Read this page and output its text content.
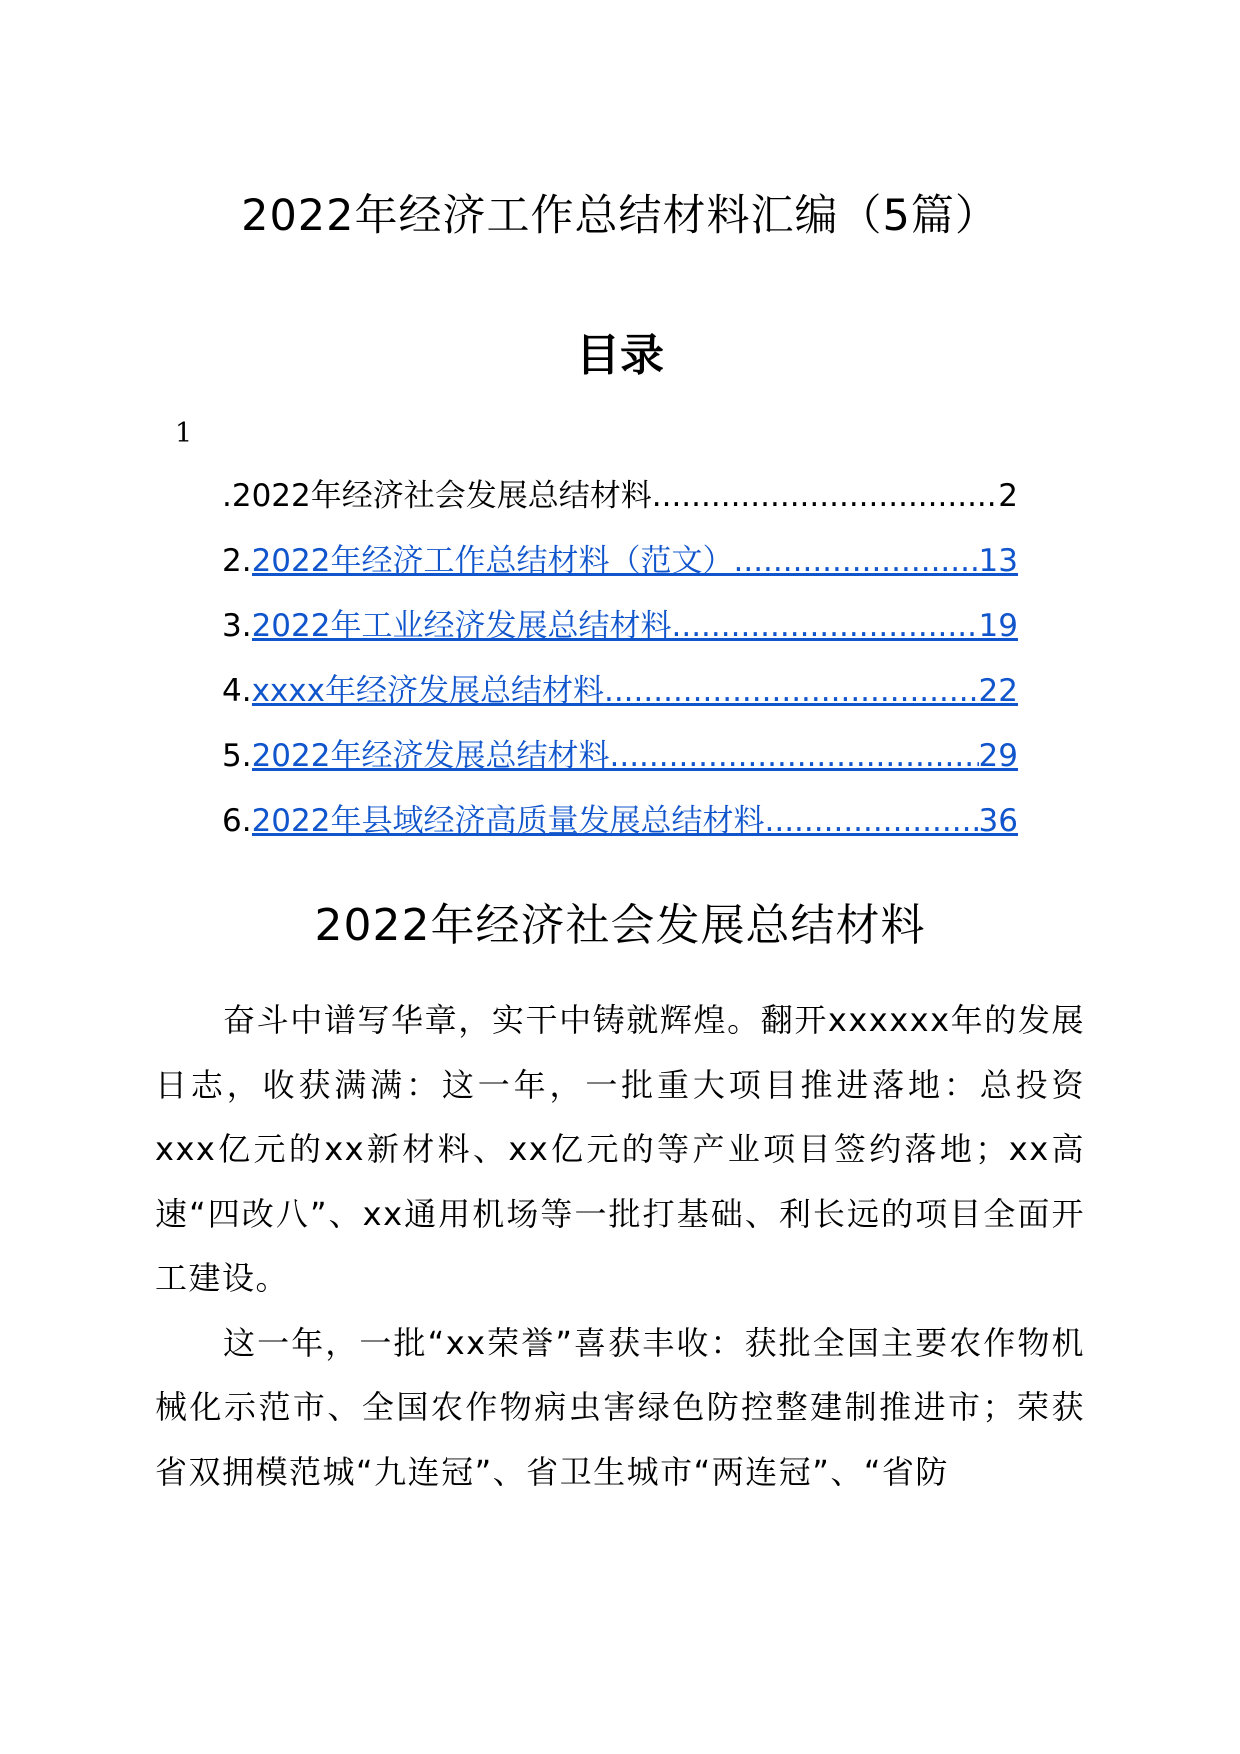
2022年经济工作总结材料汇编（5篇）
目录
1
.2022年经济社会发展总结材料 .....	2
2. 2022年经济工作总结材料（范文） .....	13
3. 2022年工业经济发展总结材料 .....	19
4. xxxx年经济发展总结材料 .....	22
5. 2022年经济发展总结材料 .....	29
6. 2022年县域经济高质量发展总结材料 .....	36
2022年经济社会发展总结材料

奋斗中谱写华章，实干中铸就辉煌。翻开xxxxxx年的发展日志，收获满满：这一年，一批重大项目推进落地：总投资xxx亿元的xx新材料、xx亿元的等产业项目签约落地；xx高速“四改八”、xx通用机场等一批打基础、利长远的项目全面开工建设。

这一年，一批“xx荣誉”喜获丰收：获批全国主要农作物机械化示范市、全国农作物病虫害绿色防控整建制推进市；荣获省双拥模范城“九连冠”、省卫生城市“两连冠”、“省防
